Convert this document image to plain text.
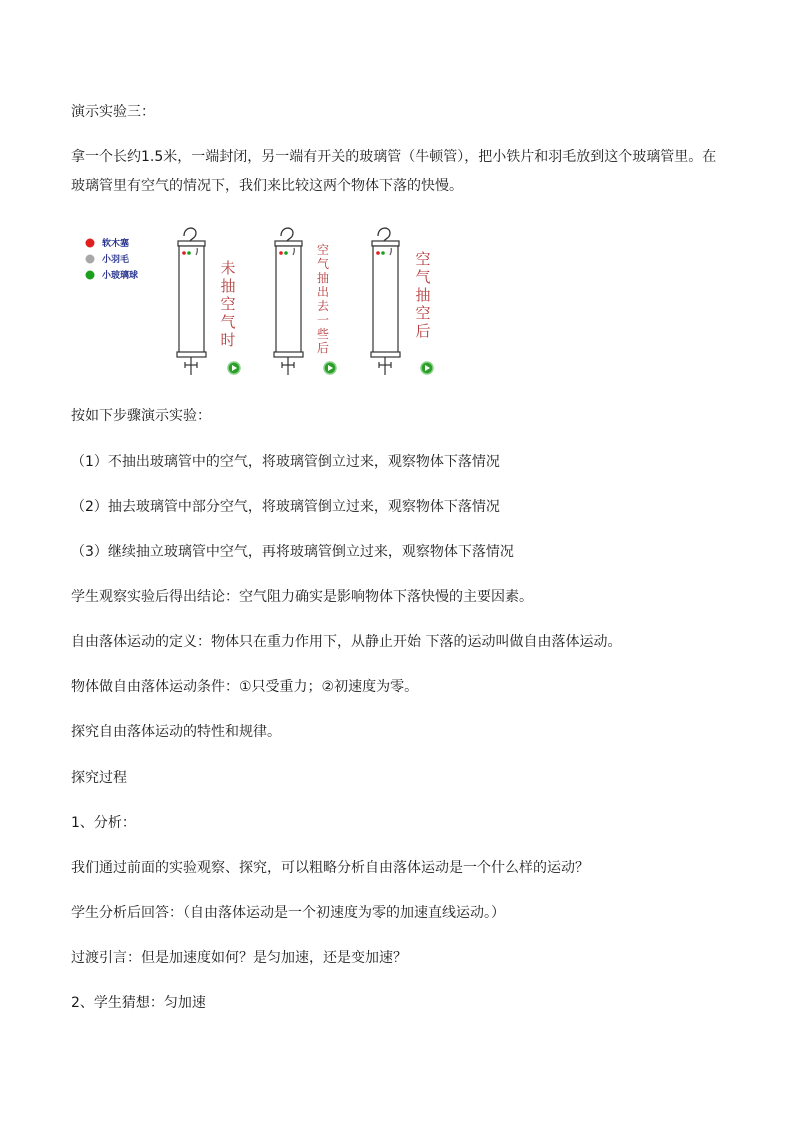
演示实验三：

拿一个长约1.5米，一端封闭，另一端有开关的玻璃管（牛顿管），把小铁片和羽毛放到这个玻璃管里。在

玻璃管里有空气的情况下，我们来比较这两个物体下落的快慢。

软木塞
小羽毛
小玻璃球	未
抽
空
气
时
空
气
抽
出
去
一
些
后
空
气
抽
空
后

按如下步骤演示实验：

（1）不抽出玻璃管中的空气，将玻璃管倒立过来，观察物体下落情况

（2）抽去玻璃管中部分空气，将玻璃管倒立过来，观察物体下落情况

（3）继续抽立玻璃管中空气，再将玻璃管倒立过来，观察物体下落情况

学生观察实验后得出结论：空气阻力确实是影响物体下落快慢的主要因素。

自由落体运动的定义：物体只在重力作用下，从静止开始 下落的运动叫做自由落体运动。

物体做自由落体运动条件：①只受重力；②初速度为零。

探究自由落体运动的特性和规律。

探究过程

1、分析：

我们通过前面的实验观察、探究，可以粗略分析自由落体运动是一个什么样的运动？

学生分析后回答：（自由落体运动是一个初速度为零的加速直线运动。）

过渡引言：但是加速度如何？是匀加速，还是变加速？

2、学生猜想：匀加速
